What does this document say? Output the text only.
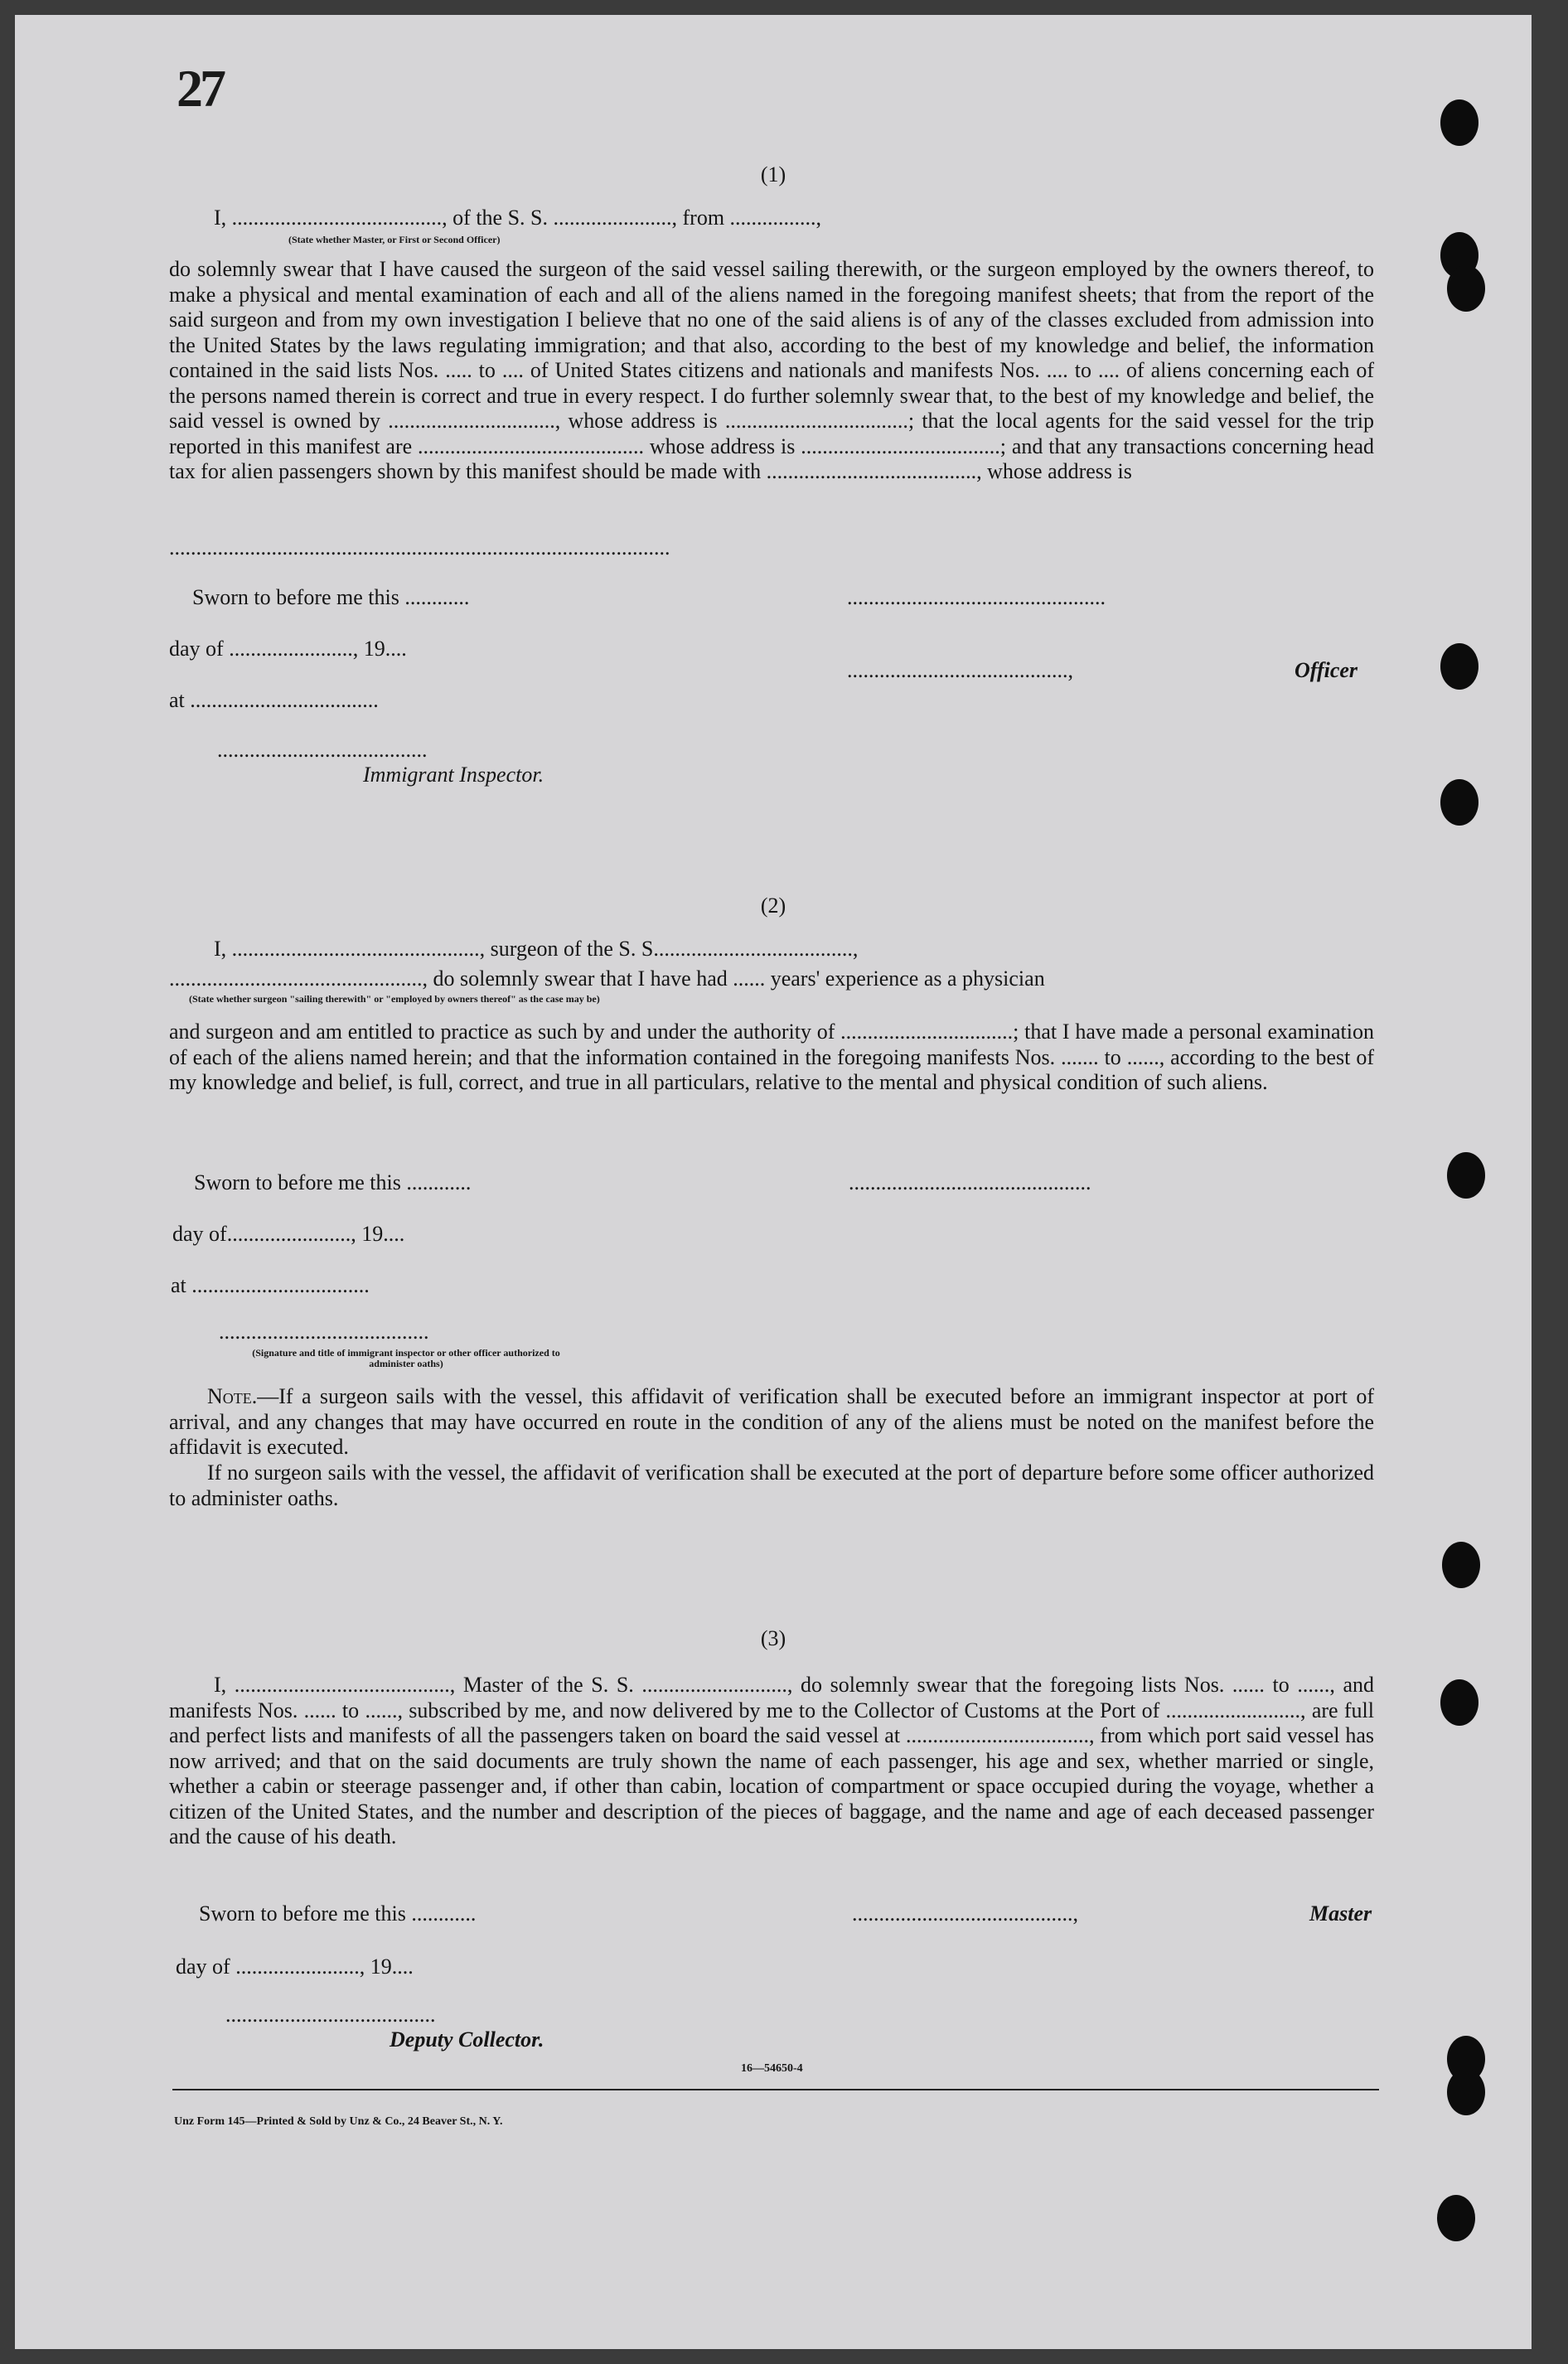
27
(1)
I, ......................................., of the S. S. ......................, from ................,
(State whether Master, or First or Second Officer)
do solemnly swear that I have caused the surgeon of the said vessel sailing therewith, or the surgeon employed by the owners thereof, to make a physical and mental examination of each and all of the aliens named in the foregoing manifest sheets; that from the report of the said surgeon and from my own investigation I believe that no one of the said aliens is of any of the classes excluded from admission into the United States by the laws regulating immigration; and that also, according to the best of my knowledge and belief, the information contained in the said lists Nos. ..... to .... of United States citizens and nationals and manifests Nos. .... to .... of aliens concerning each of the persons named therein is correct and true in every respect. I do further solemnly swear that, to the best of my knowledge and belief, the said vessel is owned by ..............................., whose address is ..................................; that the local agents for the said vessel for the trip reported in this manifest are .......................................... whose address is .....................................; and that any transactions concerning head tax for alien passengers shown by this manifest should be made with ......................................., whose address is
.............................................................................................
Sworn to before me this ............	................................................
day of ......................., 19....
.........................................,	Officer
at ...................................
.......................................
Immigrant Inspector.
(2)
I, .............................................., surgeon of the S. S.....................................,
..............................................., do solemnly swear that I have had ...... years' experience as a physician
(State whether surgeon "sailing therewith" or "employed by owners thereof" as the case may be)
and surgeon and am entitled to practice as such by and under the authority of ................................; that I have made a personal examination of each of the aliens named herein; and that the information contained in the foregoing manifests Nos. ....... to ......, according to the best of my knowledge and belief, is full, correct, and true in all particulars, relative to the mental and physical condition of such aliens.
Sworn to before me this ............	.............................................
day of......................., 19....
at .................................
.......................................
(Signature and title of immigrant inspector or other officer authorized to administer oaths)
Note.—If a surgeon sails with the vessel, this affidavit of verification shall be executed before an immigrant inspector at port of arrival, and any changes that may have occurred en route in the condition of any of the aliens must be noted on the manifest before the affidavit is executed.
If no surgeon sails with the vessel, the affidavit of verification shall be executed at the port of departure before some officer authorized to administer oaths.
(3)
I, ........................................, Master of the S. S. ..........................., do solemnly swear that the foregoing lists Nos. ...... to ......, and manifests Nos. ...... to ......, subscribed by me, and now delivered by me to the Collector of Customs at the Port of ........................., are full and perfect lists and manifests of all the passengers taken on board the said vessel at .................................., from which port said vessel has now arrived; and that on the said documents are truly shown the name of each passenger, his age and sex, whether married or single, whether a cabin or steerage passenger and, if other than cabin, location of compartment or space occupied during the voyage, whether a citizen of the United States, and the number and description of the pieces of baggage, and the name and age of each deceased passenger and the cause of his death.
Sworn to before me this ............	.........................................,	Master
day of ......................., 19....
.......................................
Deputy Collector.
16—54650-4
Unz Form 145—Printed & Sold by Unz & Co., 24 Beaver St., N. Y.
